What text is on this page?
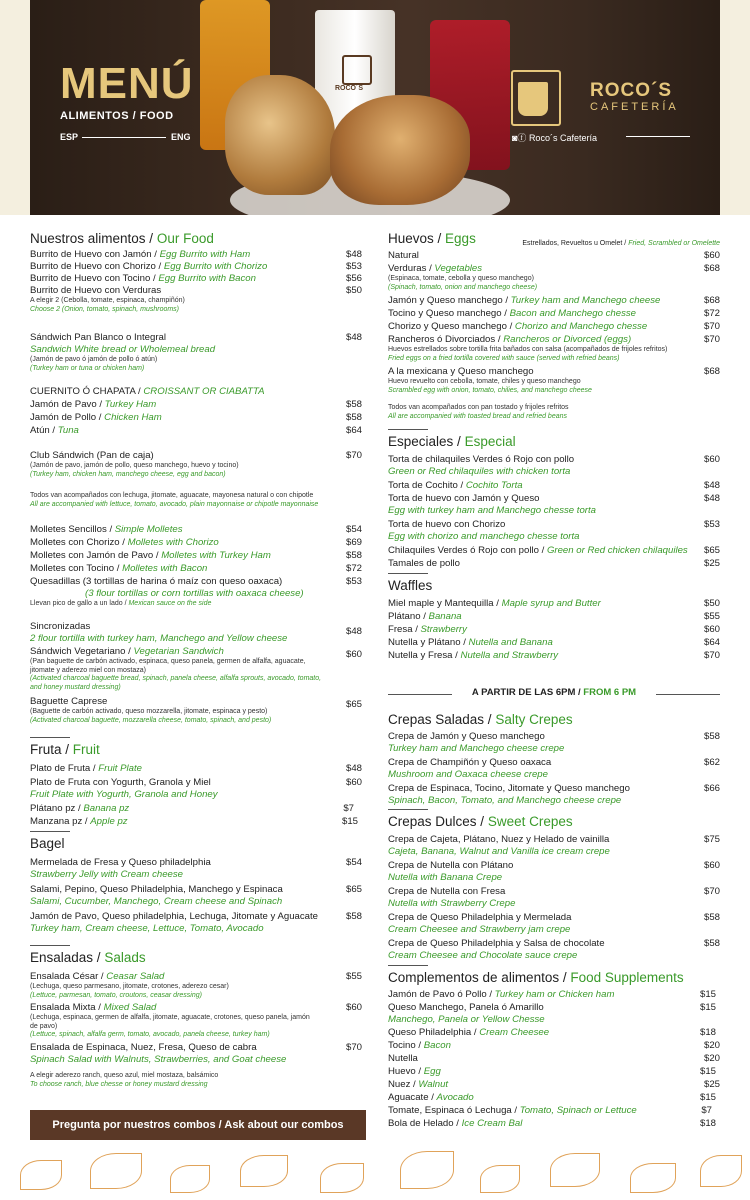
ROCO´S
MENÚ
ALIMENTOS / FOOD
ESP	ENG
ROCO´S
CAFETERÍA
◙ⓕ Roco´s Cafetería
Nuestros alimentos / Our Food
Burrito de Huevo con Jamón / Egg Burrito with Ham	$48
Burrito de Huevo con Chorizo / Egg Burrito with Chorizo	$53
Burrito de Huevo con Tocino / Egg Burrito with Bacon	$56
Burrito de Huevo con Verduras	$50
A elegir 2 (Cebolla, tomate, espinaca, champiñón)
Choose 2 (Onion, tomato, spinach, mushrooms)
Sándwich Pan Blanco o Integral	$48
Sandwich White bread or Wholemeal bread
(Jamón de pavo ó jamón de pollo ó atún)
(Turkey ham or tuna or chicken ham)
CUERNITO Ó CHAPATA / CROISSANT OR CIABATTA
Jamón de Pavo / Turkey Ham	$58
Jamón de Pollo / Chicken Ham	$58
Atún / Tuna	$64
Club Sándwich (Pan de caja)	$70
(Jamón de pavo, jamón de pollo, queso manchego, huevo y tocino)
(Turkey ham, chicken ham, manchego cheese, egg and bacon)
Todos van acompañados con lechuga, jitomate, aguacate, mayonesa natural o con chipotle
All are accompanied with lettuce, tomato, avocado, plain mayonnaise or chipotle mayonnaise
Molletes Sencillos / Simple Molletes	$54
Molletes con Chorizo / Molletes with Chorizo	$69
Molletes con Jamón de Pavo / Molletes with Turkey Ham	$58
Molletes con Tocino / Molletes with Bacon	$72
Quesadillas (3 tortillas de harina ó maíz con queso oaxaca)	$53
(3 flour tortillas or corn tortillas with oaxaca cheese)
Llevan pico de gallo a un lado / Mexican sauce on the side
Sincronizadas	$48
2 flour tortilla with turkey ham, Manchego and Yellow cheese
Sándwich Vegetariano / Vegetarian Sandwich	$60
(Pan baguette de carbón activado, espinaca, queso panela, germen de alfalfa, aguacate,
jitomate y aderezo miel con mostaza)
(Activated charcoal baguette bread, spinach, panela cheese, alfalfa sprouts, avocado, tomato,
and honey mustard dressing)
Baguette Caprese	$65
(Baguette de carbón activado, queso mozzarella, jitomate, espinaca y pesto)
(Activated charcoal baguette, mozzarella cheese, tomato, spinach, and pesto)
Fruta / Fruit
Plato de Fruta / Fruit Plate	$48
Plato de Fruta con Yogurth, Granola y Miel	$60
Fruit Plate with Yogurth, Granola and Honey
Plátano pz / Banana pz	$7
Manzana pz / Apple pz	$15
Bagel
Mermelada de Fresa y Queso philadelphia	$54
Strawberry Jelly with Cream cheese
Salami, Pepino, Queso Philadelphia, Manchego y Espinaca	$65
Salami, Cucumber, Manchego, Cream cheese and Spinach
Jamón de Pavo, Queso philadelphia, Lechuga, Jitomate y Aguacate	$58
Turkey ham, Cream cheese, Lettuce, Tomato, Avocado
Ensaladas / Salads
Ensalada César / Ceasar Salad	$55
(Lechuga, queso parmesano, jitomate, crotones, aderezo cesar)
(Lettuce, parmesan, tomato, croutons, ceasar dressing)
Ensalada Mixta / Mixed Salad	$60
(Lechuga, espinaca, germen de alfalfa, jitomate, aguacate, crotones, queso panela, jamón
de pavo)
(Lettuce, spinach, alfalfa germ, tomato, avocado, panela cheese, turkey ham)
Ensalada de Espinaca, Nuez, Fresa, Queso de cabra	$70
Spinach Salad with Walnuts, Strawberries, and Goat cheese
A elegir aderezo ranch, queso azul, miel mostaza, balsámico
To choose ranch, blue chesse or honey mustard dressing
Huevos / Eggs	Estrellados, Revueltos u Omelet / Fried, Scrambled or Omelette
Natural	$60
Verduras / Vegetables	$68
(Espinaca, tomate, cebolla y queso manchego)
(Spinach, tomato, onion and manchego cheese)
Jamón y Queso manchego / Turkey ham and Manchego cheese	$68
Tocino y Queso manchego / Bacon and Manchego chesse	$72
Chorizo y Queso manchego / Chorizo and Manchego chesse	$70
Rancheros ó Divorciados / Rancheros or Divorced (eggs)	$70
Huevos estrellados sobre tortilla frita bañados con salsa (acompañados de frijoles refritos)
Fried eggs on a fried tortilla covered with sauce (served with refried beans)
A la mexicana y Queso manchego	$68
Huevo revuelto con cebolla, tomate, chiles y queso manchego
Scrambled egg with onion, tomato, chilies, and manchego cheese
Todos van acompañados con pan tostado y frijoles refritos
All are accompanied with toasted bread and refried beans
Especiales / Especial
Torta de chilaquiles Verdes ó Rojo con pollo	$60
Green or Red chilaquiles with chicken torta
Torta de Cochito / Cochito Torta	$48
Torta de huevo con Jamón y Queso	$48
Egg with turkey ham and Manchego chesse torta
Torta de huevo con Chorizo	$53
Egg with chorizo and manchego chesse torta
Chilaquiles Verdes ó Rojo con pollo / Green or Red chicken chilaquiles $65
Tamales de pollo	$25
Waffles
Miel maple y Mantequilla / Maple syrup and Butter	$50
Plátano / Banana	$55
Fresa / Strawberry	$60
Nutella y Plátano / Nutella and Banana	$64
Nutella y Fresa / Nutella and Strawberry	$70
A PARTIR DE LAS 6PM / FROM 6 PM
Crepas Saladas / Salty Crepes
Crepa de Jamón y Queso manchego	$58
Turkey ham and Manchego cheese crepe
Crepa de Champiñón y Queso oaxaca	$62
Mushroom and Oaxaca cheese crepe
Crepa de Espinaca, Tocino, Jitomate y Queso manchego	$66
Spinach, Bacon, Tomato, and Manchego cheese crepe
Crepas Dulces / Sweet Crepes
Crepa de Cajeta, Plátano, Nuez y Helado de vainilla	$75
Cajeta, Banana, Walnut and Vanilla ice cream crepe
Crepa de Nutella con Plátano	$60
Nutella with Banana Crepe
Crepa de Nutella con Fresa	$70
Nutella with Strawberry Crepe
Crepa de Queso Philadelphia y Mermelada	$58
Cream Cheesee and Strawberry jam crepe
Crepa de Queso Philadelphia y Salsa de chocolate	$58
Cream Cheesee and Chocolate sauce crepe
Complementos de alimentos / Food Supplements
Jamón de Pavo ó Pollo / Turkey ham or Chicken ham	$15
Queso Manchego, Panela ó Amarillo	$15
Manchego, Panela or Yellow Chesse
Queso Philadelphia / Cream Cheesee	$18
Tocino / Bacon	$20
Nutella	$20
Huevo / Egg	$15
Nuez / Walnut	$25
Aguacate / Avocado	$15
Tomate, Espinaca ó Lechuga / Tomato, Spinach or Lettuce	$7
Bola de Helado / Ice Cream Bal	$18
Pregunta por nuestros combos / Ask about our combos
